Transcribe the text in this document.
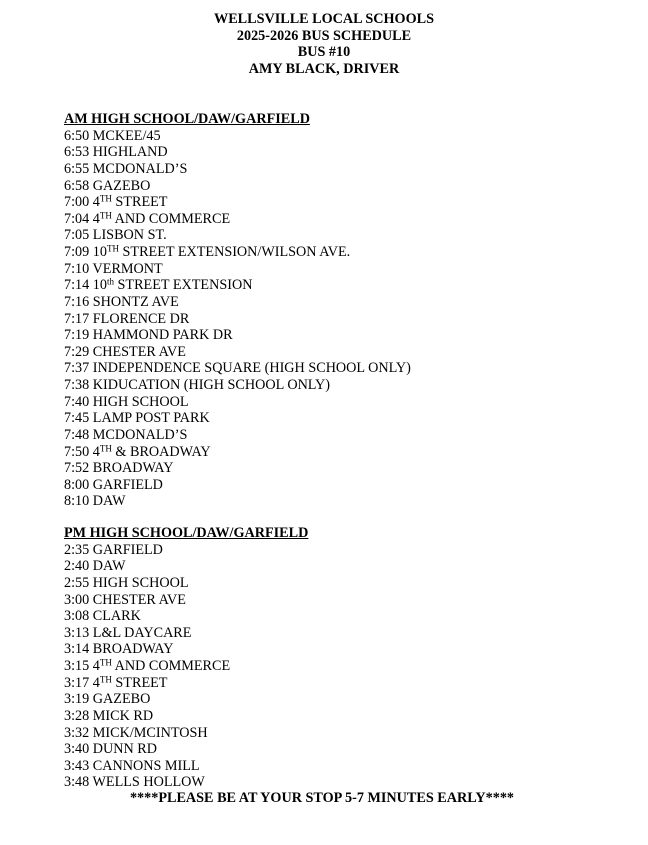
WELLSVILLE LOCAL SCHOOLS
2025-2026 BUS SCHEDULE
BUS #10
AMY BLACK, DRIVER
AM HIGH SCHOOL/DAW/GARFIELD
6:50 MCKEE/45
6:53 HIGHLAND
6:55 MCDONALD’S
6:58 GAZEBO
7:00 4TH STREET
7:04 4TH AND COMMERCE
7:05 LISBON ST.
7:09 10TH STREET EXTENSION/WILSON AVE.
7:10 VERMONT
7:14 10th STREET EXTENSION
7:16 SHONTZ AVE
7:17 FLORENCE DR
7:19 HAMMOND PARK DR
7:29 CHESTER AVE
7:37 INDEPENDENCE SQUARE (HIGH SCHOOL ONLY)
7:38 KIDUCATION (HIGH SCHOOL ONLY)
7:40 HIGH SCHOOL
7:45 LAMP POST PARK
7:48 MCDONALD’S
7:50 4TH & BROADWAY
7:52 BROADWAY
8:00 GARFIELD
8:10 DAW
PM HIGH SCHOOL/DAW/GARFIELD
2:35 GARFIELD
2:40 DAW
2:55 HIGH SCHOOL
3:00 CHESTER AVE
3:08 CLARK
3:13 L&L DAYCARE
3:14 BROADWAY
3:15 4TH AND COMMERCE
3:17 4TH STREET
3:19 GAZEBO
3:28 MICK RD
3:32 MICK/MCINTOSH
3:40 DUNN RD
3:43 CANNONS MILL
3:48 WELLS HOLLOW
****PLEASE BE AT YOUR STOP 5-7 MINUTES EARLY****
